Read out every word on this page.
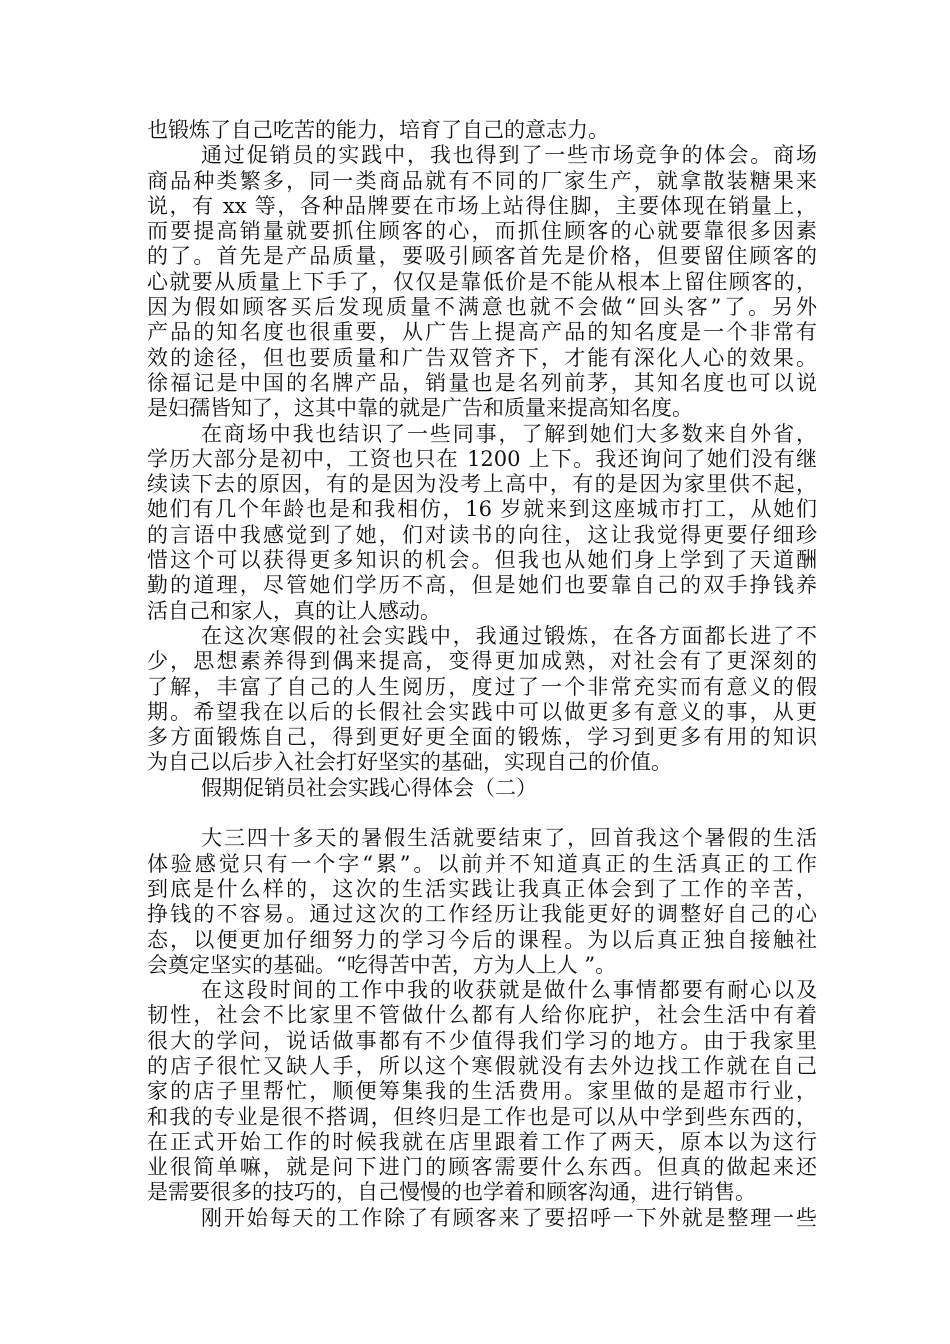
也锻炼了自己吃苦的能力，培育了自己的意志力。
通过促销员的实践中，我也得到了一些市场竞争的体会。商场
商品种类繁多，同一类商品就有不同的厂家生产，就拿散装糖果来
说，有 xx 等，各种品牌要在市场上站得住脚，主要体现在销量上，
而要提高销量就要抓住顾客的心，而抓住顾客的心就要靠很多因素
的了。首先是产品质量，要吸引顾客首先是价格，但要留住顾客的
心就要从质量上下手了，仅仅是靠低价是不能从根本上留住顾客的，
因为假如顾客买后发现质量不满意也就不会做“回头客”了。另外
产品的知名度也很重要，从广告上提高产品的知名度是一个非常有
效的途径，但也要质量和广告双管齐下，才能有深化人心的效果。
徐福记是中国的名牌产品，销量也是名列前茅，其知名度也可以说
是妇孺皆知了，这其中靠的就是广告和质量来提高知名度。
在商场中我也结识了一些同事，了解到她们大多数来自外省，
学历大部分是初中，工资也只在 1200 上下。我还询问了她们没有继
续读下去的原因，有的是因为没考上高中，有的是因为家里供不起，
她们有几个年龄也是和我相仿，16 岁就来到这座城市打工，从她们
的言语中我感觉到了她，们对读书的向往，这让我觉得更要仔细珍
惜这个可以获得更多知识的机会。但我也从她们身上学到了天道酬
勤的道理，尽管她们学历不高，但是她们也要靠自己的双手挣钱养
活自己和家人，真的让人感动。
在这次寒假的社会实践中，我通过锻炼，在各方面都长进了不
少，思想素养得到偶来提高，变得更加成熟，对社会有了更深刻的
了解，丰富了自己的人生阅历，度过了一个非常充实而有意义的假
期。希望我在以后的长假社会实践中可以做更多有意义的事，从更
多方面锻炼自己，得到更好更全面的锻炼，学习到更多有用的知识
为自己以后步入社会打好坚实的基础，实现自己的价值。
假期促销员社会实践心得体会（二）
大三四十多天的暑假生活就要结束了，回首我这个暑假的生活
体验感觉只有一个字“累”。以前并不知道真正的生活真正的工作
到底是什么样的，这次的生活实践让我真正体会到了工作的辛苦，
挣钱的不容易。通过这次的工作经历让我能更好的调整好自己的心
态，以便更加仔细努力的学习今后的课程。为以后真正独自接触社
会奠定坚实的基础。“吃得苦中苦，方为人上人 ”。
在这段时间的工作中我的收获就是做什么事情都要有耐心以及
韧性，社会不比家里不管做什么都有人给你庇护，社会生活中有着
很大的学问，说话做事都有不少值得我们学习的地方。由于我家里
的店子很忙又缺人手，所以这个寒假就没有去外边找工作就在自己
家的店子里帮忙，顺便筹集我的生活费用。家里做的是超市行业，
和我的专业是很不搭调，但终归是工作也是可以从中学到些东西的，
在正式开始工作的时候我就在店里跟着工作了两天，原本以为这行
业很简单嘛，就是问下进门的顾客需要什么东西。但真的做起来还
是需要很多的技巧的，自己慢慢的也学着和顾客沟通，进行销售。
刚开始每天的工作除了有顾客来了要招呼一下外就是整理一些
